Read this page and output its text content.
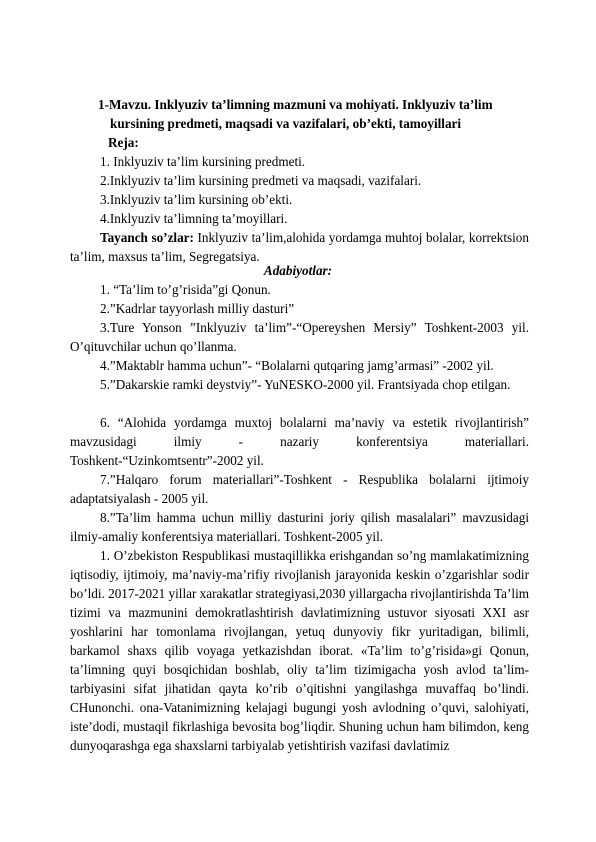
1-Mavzu. Inklyuziv ta’limning mazmuni va mohiyati. Inklyuziv ta’lim
kursining predmeti, maqsadi va vazifalari, ob’ekti, tamoyillari
Reja:
1. Inklyuziv ta’lim kursining predmeti.
2.Inklyuziv ta’lim kursining predmeti va maqsadi, vazifalari.
3.Inklyuziv ta’lim kursining ob’ekti.
4.Inklyuziv ta’limning ta’moyillari.
Tayanch so’zlar: Inklyuziv ta’lim,alohida yordamga muhtoj bolalar, korrektsion ta’lim, maxsus ta’lim, Segregatsiya.
Adabiyotlar:
1. “Ta’lim to’g’risida”gi Qonun.
2.”Kadrlar tayyorlash milliy dasturi”
3.Ture Yonson ”Inklyuziv ta’lim”-“Opereyshen Mersiy” Toshkent-2003 yil. O’qituvchilar uchun qo’llanma.
4.”Maktablr hamma uchun”- “Bolalarni qutqaring jamg’armasi” -2002 yil.
5.”Dakarskie ramki deystviy”- YuNESKO-2000 yil. Frantsiyada chop etilgan.
6. “Alohida yordamga muxtoj bolalarni ma’naviy va estetik rivojlantirish” mavzusidagi ilmiy - nazariy konferentsiya materiallari. Toshkent-“Uzinkomtsentr”-2002 yil.
7.”Halqaro forum materiallari”-Toshkent - Respublika bolalarni ijtimoiy adaptatsiyalash - 2005 yil.
8.”Ta’lim hamma uchun milliy dasturini joriy qilish masalalari” mavzusidagi ilmiy-amaliy konferentsiya materiallari. Toshkent-2005 yil.
1. O’zbekiston Respublikasi mustaqillikka erishgandan so’ng mamlakatimizning iqtisodiy, ijtimoiy, ma’naviy-ma’rifiy rivojlanish jarayonida keskin o’zgarishlar sodir bo’ldi. 2017-2021 yillar xarakatlar strategiyasi,2030 yillargacha rivojlantirishda Ta’lim tizimi va mazmunini demokratlashtirish davlatimizning ustuvor siyosati XXI asr yoshlarini har tomonlama rivojlangan, yetuq dunyoviy fikr yuritadigan, bilimli, barkamol shaxs qilib voyaga yetkazishdan iborat. «Ta’lim to’g’risida»gi Qonun, ta’limning quyi bosqichidan boshlab, oliy ta’lim tizimigacha yosh avlod ta’lim-tarbiyasini sifat jihatidan qayta ko’rib o’qitishni yangilashga muvaffaq bo’lindi. CHunonchi. ona-Vatanimizning kelajagi bugungi yosh avlodning o’quvi, salohiyati, iste’dodi, mustaqil fikrlashiga bevosita bog’liqdir. Shuning uchun ham bilimdon, keng dunyoqarashga ega shaxslarni tarbiyalab yetishtirish vazifasi davlatimiz
